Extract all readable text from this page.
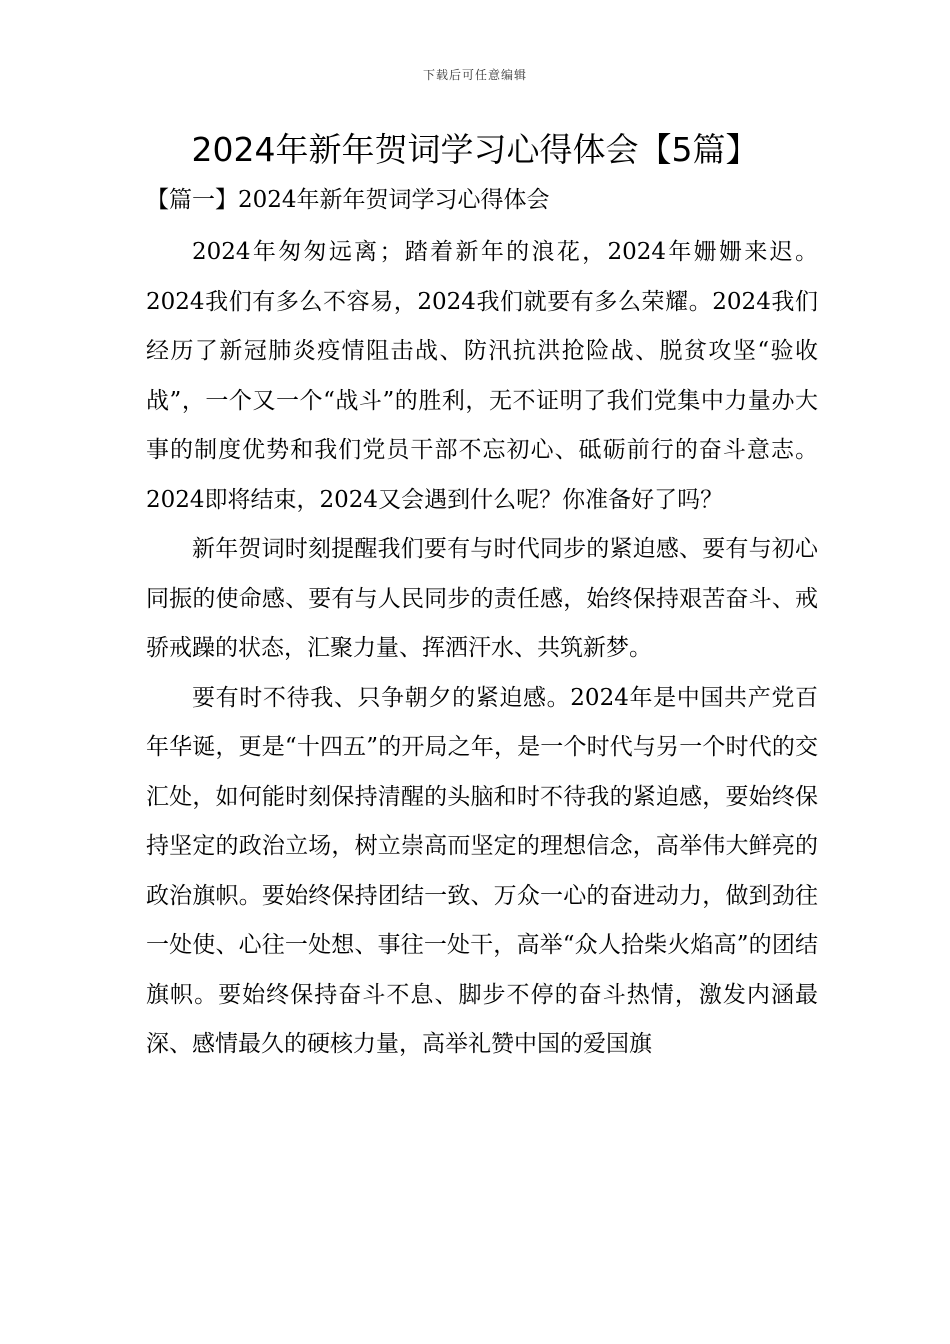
下载后可任意编辑
2024年新年贺词学习心得体会【5篇】
【篇一】2024年新年贺词学习心得体会

2024年匆匆远离；踏着新年的浪花，2024年姗姗来迟。2024我们有多么不容易，2024我们就要有多么荣耀。2024我们经历了新冠肺炎疫情阻击战、防汛抗洪抢险战、脱贫攻坚“验收战”，一个又一个“战斗”的胜利，无不证明了我们党集中力量办大事的制度优势和我们党员干部不忘初心、砥砺前行的奋斗意志。2024即将结束，2024又会遇到什么呢？你准备好了吗？

新年贺词时刻提醒我们要有与时代同步的紧迫感、要有与初心同振的使命感、要有与人民同步的责任感，始终保持艰苦奋斗、戒骄戒躁的状态，汇聚力量、挥洒汗水、共筑新梦。

要有时不待我、只争朝夕的紧迫感。2024年是中国共产党百年华诞，更是“十四五”的开局之年，是一个时代与另一个时代的交汇处，如何能时刻保持清醒的头脑和时不待我的紧迫感，要始终保持坚定的政治立场，树立崇高而坚定的理想信念，高举伟大鲜亮的政治旗帜。要始终保持团结一致、万众一心的奋进动力，做到劲往一处使、心往一处想、事往一处干，高举“众人拾柴火焰高”的团结旗帜。要始终保持奋斗不息、脚步不停的奋斗热情，激发内涵最深、感情最久的硬核力量，高举礼赞中国的爱国旗
